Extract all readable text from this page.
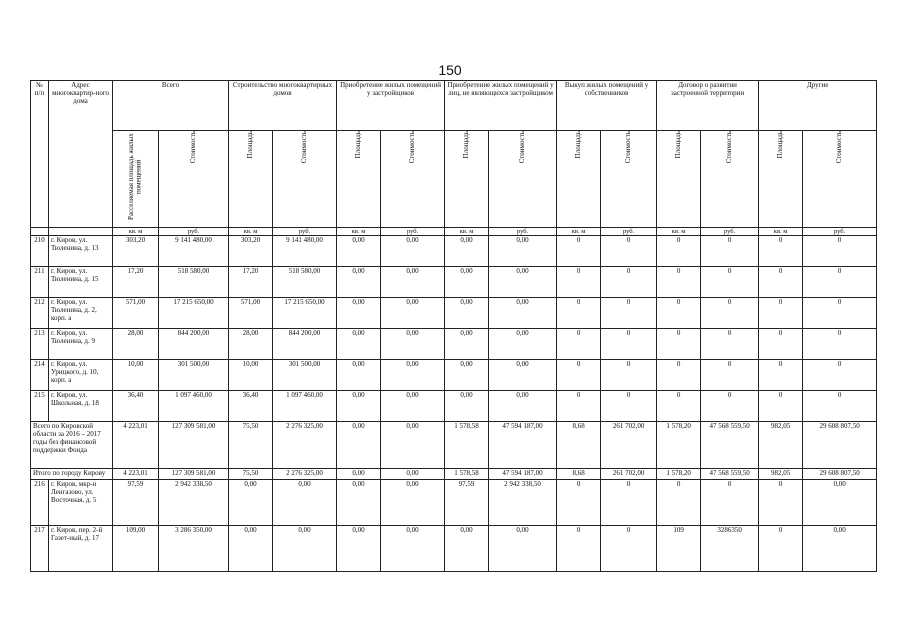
150
№ п/п	Адрес многоквартир-ного дома	Всего		Строительство многоквартирных домов		Приобретение жилых помещений у застройщиков		Приобретение жилых помещений у лиц, не являющихся застройщиком		Выкуп жилых помещений у собственников		Договор о развитии застроенной территории		Другие	
		Расселяемая площадь жилых помещений	Стоимость	Площадь	Стоимость	Площадь	Стоимость	Площадь	Стоимость	Площадь	Стоимость	Площадь	Стоимость	Площадь	Стоимость
		кв. м	руб.	кв. м	руб.	кв. м	руб.	кв. м	руб.	кв. м	руб.	кв. м	руб.	кв. м	руб.
210	г. Киров, ул. Тюленина, д. 13	303,20	9 141 480,00	303,20	9 141 480,00	0,00	0,00	0,00	0,00	0	0	0	0	0	0
211	г. Киров, ул. Тюленина, д. 15	17,20	518 580,00	17,20	518 580,00	0,00	0,00	0,00	0,00	0	0	0	0	0	0
212	г. Киров, ул. Тюленина, д. 2, корп. а	571,00	17 215 650,00	571,00	17 215 650,00	0,00	0,00	0,00	0,00	0	0	0	0	0	0
213	г. Киров, ул. Тюленина, д. 9	28,00	844 200,00	28,00	844 200,00	0,00	0,00	0,00	0,00	0	0	0	0	0	0
214	г. Киров, ул. Урицкого, д. 10, корп. а	10,00	301 500,00	10,00	301 500,00	0,00	0,00	0,00	0,00	0	0	0	0	0	0
215	г. Киров, ул. Школьная, д. 18	36,40	1 097 460,00	36,40	1 097 460,00	0,00	0,00	0,00	0,00	0	0	0	0	0	0
Всего по Кировской области за 2016 – 2017 годы без финансовой поддержки Фонда		4 223,01	127 309 581,00	75,50	2 276 325,00	0,00	0,00	1 578,58	47 594 187,00	8,68	261 702,00	1 578,20	47 568 559,50	982,05	29 608 807,50
Итого по городу Кирову		4 223,01	127 309 581,00	75,50	2 276 325,00	0,00	0,00	1 578,58	47 594 187,00	8,68	261 702,00	1 578,20	47 568 559,50	982,05	29 608 807,50
216	г. Киров, мкр-н Ленгазово, ул. Восточная, д. 5	97,59	2 942 338,50	0,00	0,00	0,00	0,00	97,59	2 942 338,50	0	0	0	0	0	0,00
217	г. Киров, пер. 2-й Газет-ный, д. 17	109,00	3 286 350,00	0,00	0,00	0,00	0,00	0,00	0,00	0	0	109	3286350	0	0,00
